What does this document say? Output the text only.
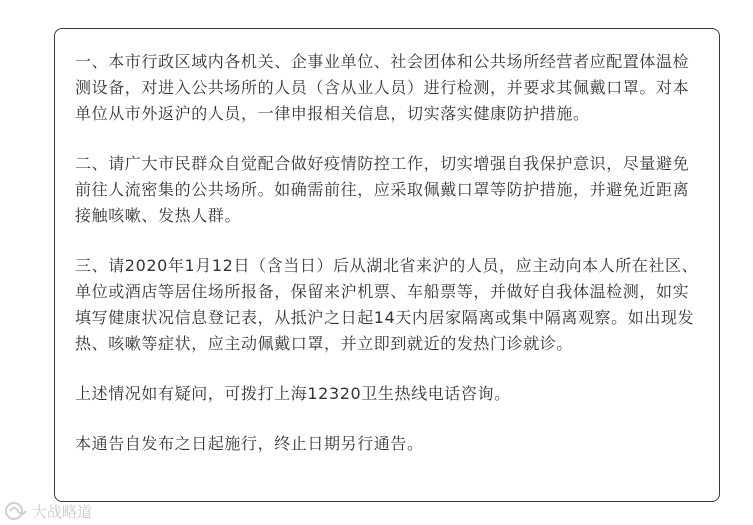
一、本市行政区域内各机关、企事业单位、社会团体和公共场所经营者应配置体温检测设备，对进入公共场所的人员（含从业人员）进行检测，并要求其佩戴口罩。对本单位从市外返沪的人员，一律申报相关信息，切实落实健康防护措施。

二、请广大市民群众自觉配合做好疫情防控工作，切实增强自我保护意识，尽量避免前往人流密集的公共场所。如确需前往，应采取佩戴口罩等防护措施，并避免近距离接触咳嗽、发热人群。

三、请2020年1月12日（含当日）后从湖北省来沪的人员，应主动向本人所在社区、单位或酒店等居住场所报备，保留来沪机票、车船票等，并做好自我体温检测，如实填写健康状况信息登记表，从抵沪之日起14天内居家隔离或集中隔离观察。如出现发热、咳嗽等症状，应主动佩戴口罩，并立即到就近的发热门诊就诊。

上述情况如有疑问，可拨打上海12320卫生热线电话咨询。

本通告自发布之日起施行，终止日期另行通告。

大战略道
